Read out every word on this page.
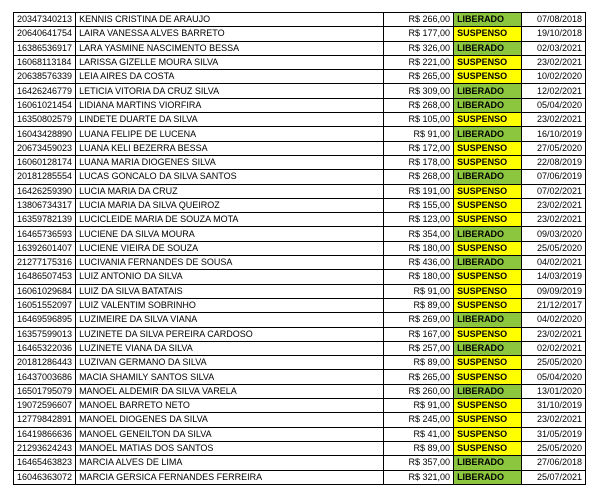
20347340213	KENNIS CRISTINA DE ARAUJO	R$ 266,00	LIBERADO	07/08/2018
20640641754	LAIRA VANESSA ALVES BARRETO	R$ 177,00	SUSPENSO	19/10/2018
16386536917	LARA YASMINE NASCIMENTO BESSA	R$ 326,00	LIBERADO	02/03/2021
16068113184	LARISSA GIZELLE MOURA SILVA	R$ 221,00	SUSPENSO	23/02/2021
20638576339	LEIA AIRES DA COSTA	R$ 265,00	SUSPENSO	10/02/2020
16426246779	LETICIA VITORIA DA CRUZ SILVA	R$ 309,00	LIBERADO	12/02/2021
16061021454	LIDIANA MARTINS VIORFIRA	R$ 268,00	LIBERADO	05/04/2020
16350802579	LINDETE DUARTE DA SILVA	R$ 105,00	SUSPENSO	23/02/2021
16043428890	LUANA FELIPE DE LUCENA	R$ 91,00	LIBERADO	16/10/2019
20673459023	LUANA KELI BEZERRA BESSA	R$ 172,00	SUSPENSO	27/05/2020
16060128174	LUANA MARIA DIOGENES SILVA	R$ 178,00	SUSPENSO	22/08/2019
20181285554	LUCAS GONCALO DA SILVA SANTOS	R$ 268,00	LIBERADO	07/06/2019
16426259390	LUCIA MARIA DA CRUZ	R$ 191,00	SUSPENSO	07/02/2021
13806734317	LUCIA MARIA DA SILVA QUEIROZ	R$ 155,00	SUSPENSO	23/02/2021
16359782139	LUCICLEIDE MARIA DE SOUZA MOTA	R$ 123,00	SUSPENSO	23/02/2021
16465736593	LUCIENE DA SILVA MOURA	R$ 354,00	LIBERADO	09/03/2020
16392601407	LUCIENE VIEIRA DE SOUZA	R$ 180,00	SUSPENSO	25/05/2020
21277175316	LUCIVANIA FERNANDES DE SOUSA	R$ 436,00	LIBERADO	04/02/2021
16486507453	LUIZ ANTONIO DA SILVA	R$ 180,00	SUSPENSO	14/03/2019
16061029684	LUIZ DA SILVA BATATAIS	R$ 91,00	SUSPENSO	09/09/2019
16051552097	LUIZ VALENTIM SOBRINHO	R$ 89,00	SUSPENSO	21/12/2017
16469596895	LUZIMEIRE DA SILVA VIANA	R$ 269,00	LIBERADO	04/02/2020
16357599013	LUZINETE DA SILVA PEREIRA CARDOSO	R$ 167,00	SUSPENSO	23/02/2021
16465322036	LUZINETE VIANA DA SILVA	R$ 257,00	LIBERADO	02/02/2021
20181286443	LUZIVAN GERMANO DA SILVA	R$ 89,00	SUSPENSO	25/05/2020
16437003686	MACIA SHAMILY SANTOS SILVA	R$ 265,00	SUSPENSO	05/04/2020
16501795079	MANOEL ALDEMIR DA SILVA VARELA	R$ 260,00	LIBERADO	13/01/2020
19072596607	MANOEL BARRETO NETO	R$ 91,00	SUSPENSO	31/10/2019
12779842891	MANOEL DIOGENES DA SILVA	R$ 245,00	SUSPENSO	23/02/2021
16419866636	MANOEL GENEILTON DA SILVA	R$ 41,00	SUSPENSO	31/05/2019
21293624243	MANOEL MATIAS DOS SANTOS	R$ 89,00	SUSPENSO	25/05/2020
16465463823	MARCIA ALVES DE LIMA	R$ 357,00	LIBERADO	27/06/2018
16046363072	MARCIA GERSICA FERNANDES FERREIRA	R$ 321,00	LIBERADO	25/07/2021
